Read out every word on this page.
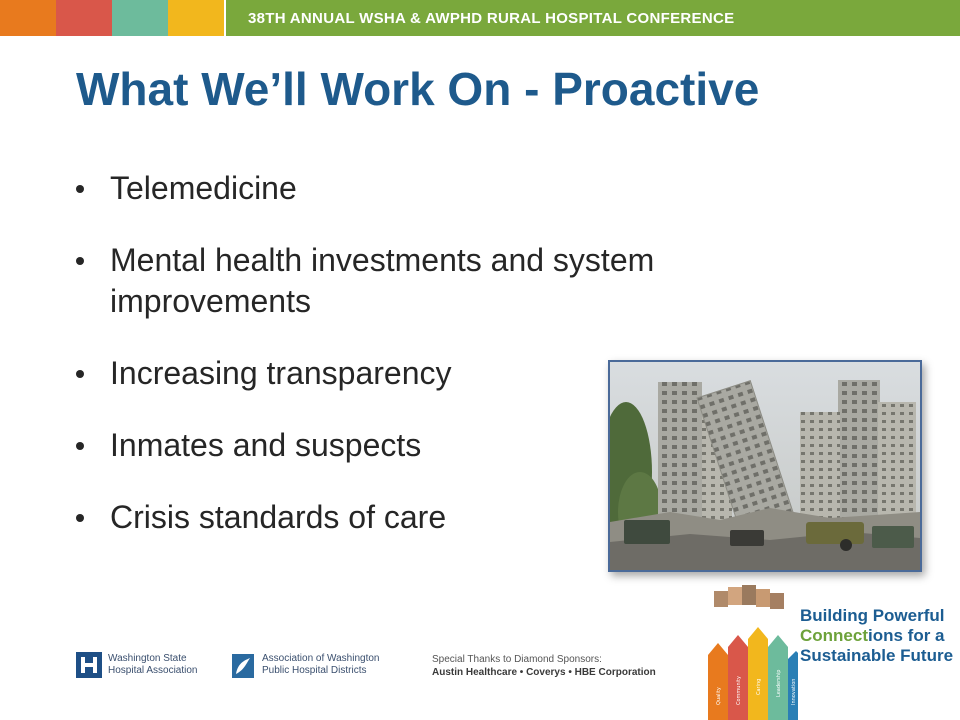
38TH ANNUAL WSHA & AWPHD RURAL HOSPITAL CONFERENCE
What We’ll Work On - Proactive
Telemedicine
Mental health investments and system improvements
Increasing transparency
Inmates and suspects
Crisis standards of care
Washington State
Hospital Association
Association of Washington
Public Hospital Districts
Special Thanks to Diamond Sponsors:
Austin Healthcare • Coverys • HBE Corporation
Quality	Community	Caring	Leadership Innovation
Building Powerful
Connections for a
Sustainable Future
